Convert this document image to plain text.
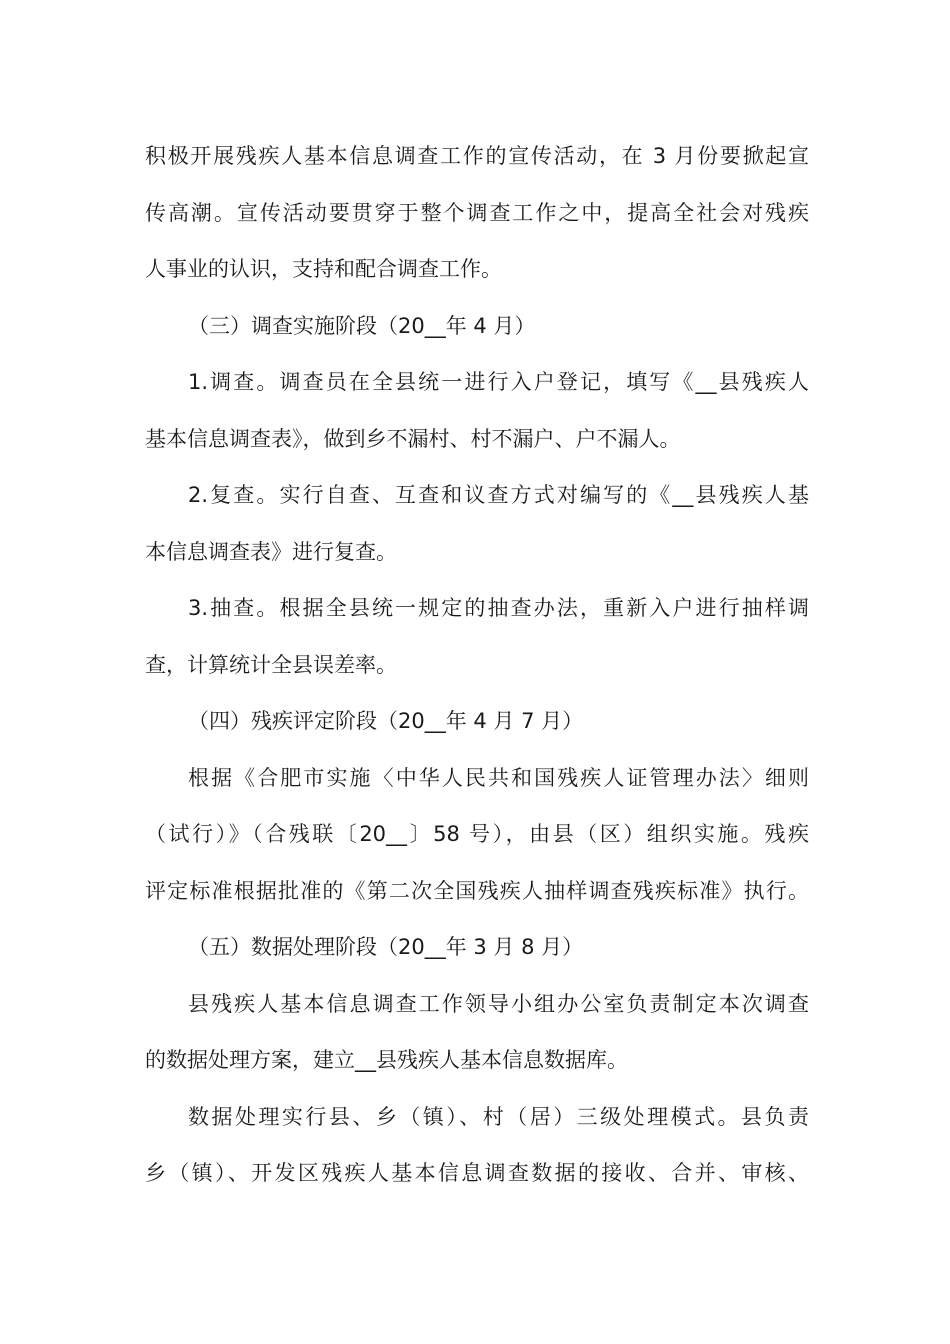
积极开展残疾人基本信息调查工作的宣传活动，在 3 月份要掀起宣
传高潮。宣传活动要贯穿于整个调查工作之中，提高全社会对残疾
人事业的认识，支持和配合调查工作。
（三）调查实施阶段（20__年 4 月）
1.调查。调查员在全县统一进行入户登记，填写《__县残疾人
基本信息调查表》，做到乡不漏村、村不漏户、户不漏人。
2.复查。实行自查、互查和议查方式对编写的《__县残疾人基
本信息调查表》进行复查。
3.抽查。根据全县统一规定的抽查办法，重新入户进行抽样调
查，计算统计全县误差率。
（四）残疾评定阶段（20__年 4 月 7 月）
根据《合肥市实施〈中华人民共和国残疾人证管理办法〉细则
（试行）》（合残联〔20__〕58 号），由县（区）组织实施。残疾
评定标准根据批准的《第二次全国残疾人抽样调查残疾标准》执行。
（五）数据处理阶段（20__年 3 月 8 月）
县残疾人基本信息调查工作领导小组办公室负责制定本次调查
的数据处理方案，建立__县残疾人基本信息数据库。
数据处理实行县、乡（镇）、村（居）三级处理模式。县负责
乡（镇）、开发区残疾人基本信息调查数据的接收、合并、审核、
